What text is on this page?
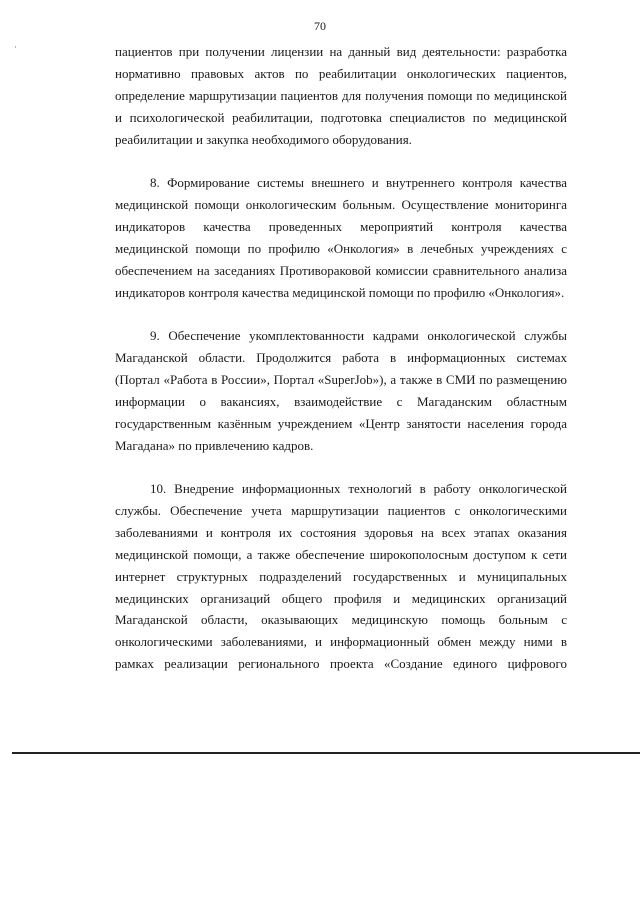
70
·	пациентов при получении лицензии на данный вид деятельности: разработка нормативно правовых актов по реабилитации онкологических пациентов, определение маршрутизации пациентов для получения помощи по медицинской и психологической реабилитации, подготовка специалистов по медицинской реабилитации и закупка необходимого оборудования.

8. Формирование системы внешнего и внутреннего контроля качества медицинской помощи онкологическим больным. Осуществление мониторинга индикаторов качества проведенных мероприятий контроля качества медицинской помощи по профилю «Онкология» в лечебных учреждениях с обеспечением на заседаниях Противораковой комиссии сравнительного анализа индикаторов контроля качества медицинской помощи по профилю «Онкология».

9. Обеспечение укомплектованности кадрами онкологической службы Магаданской области. Продолжится работа в информационных системах (Портал «Работа в России», Портал «SuperJob»), а также в СМИ по размещению информации о вакансиях, взаимодействие с Магаданским областным государственным казённым учреждением «Центр занятости населения города Магадана» по привлечению кадров.

10. Внедрение информационных технологий в работу онкологической службы. Обеспечение учета маршрутизации пациентов с онкологическими заболеваниями и контроля их состояния здоровья на всех этапах оказания медицинской помощи, а также обеспечение широкополосным доступом к сети интернет структурных подразделений государственных и муниципальных медицинских организаций общего профиля и медицинских организаций Магаданской области, оказывающих медицинскую помощь больным с онкологическими заболеваниями, и информационный обмен между ними в рамках реализации регионального проекта «Создание единого цифрового
